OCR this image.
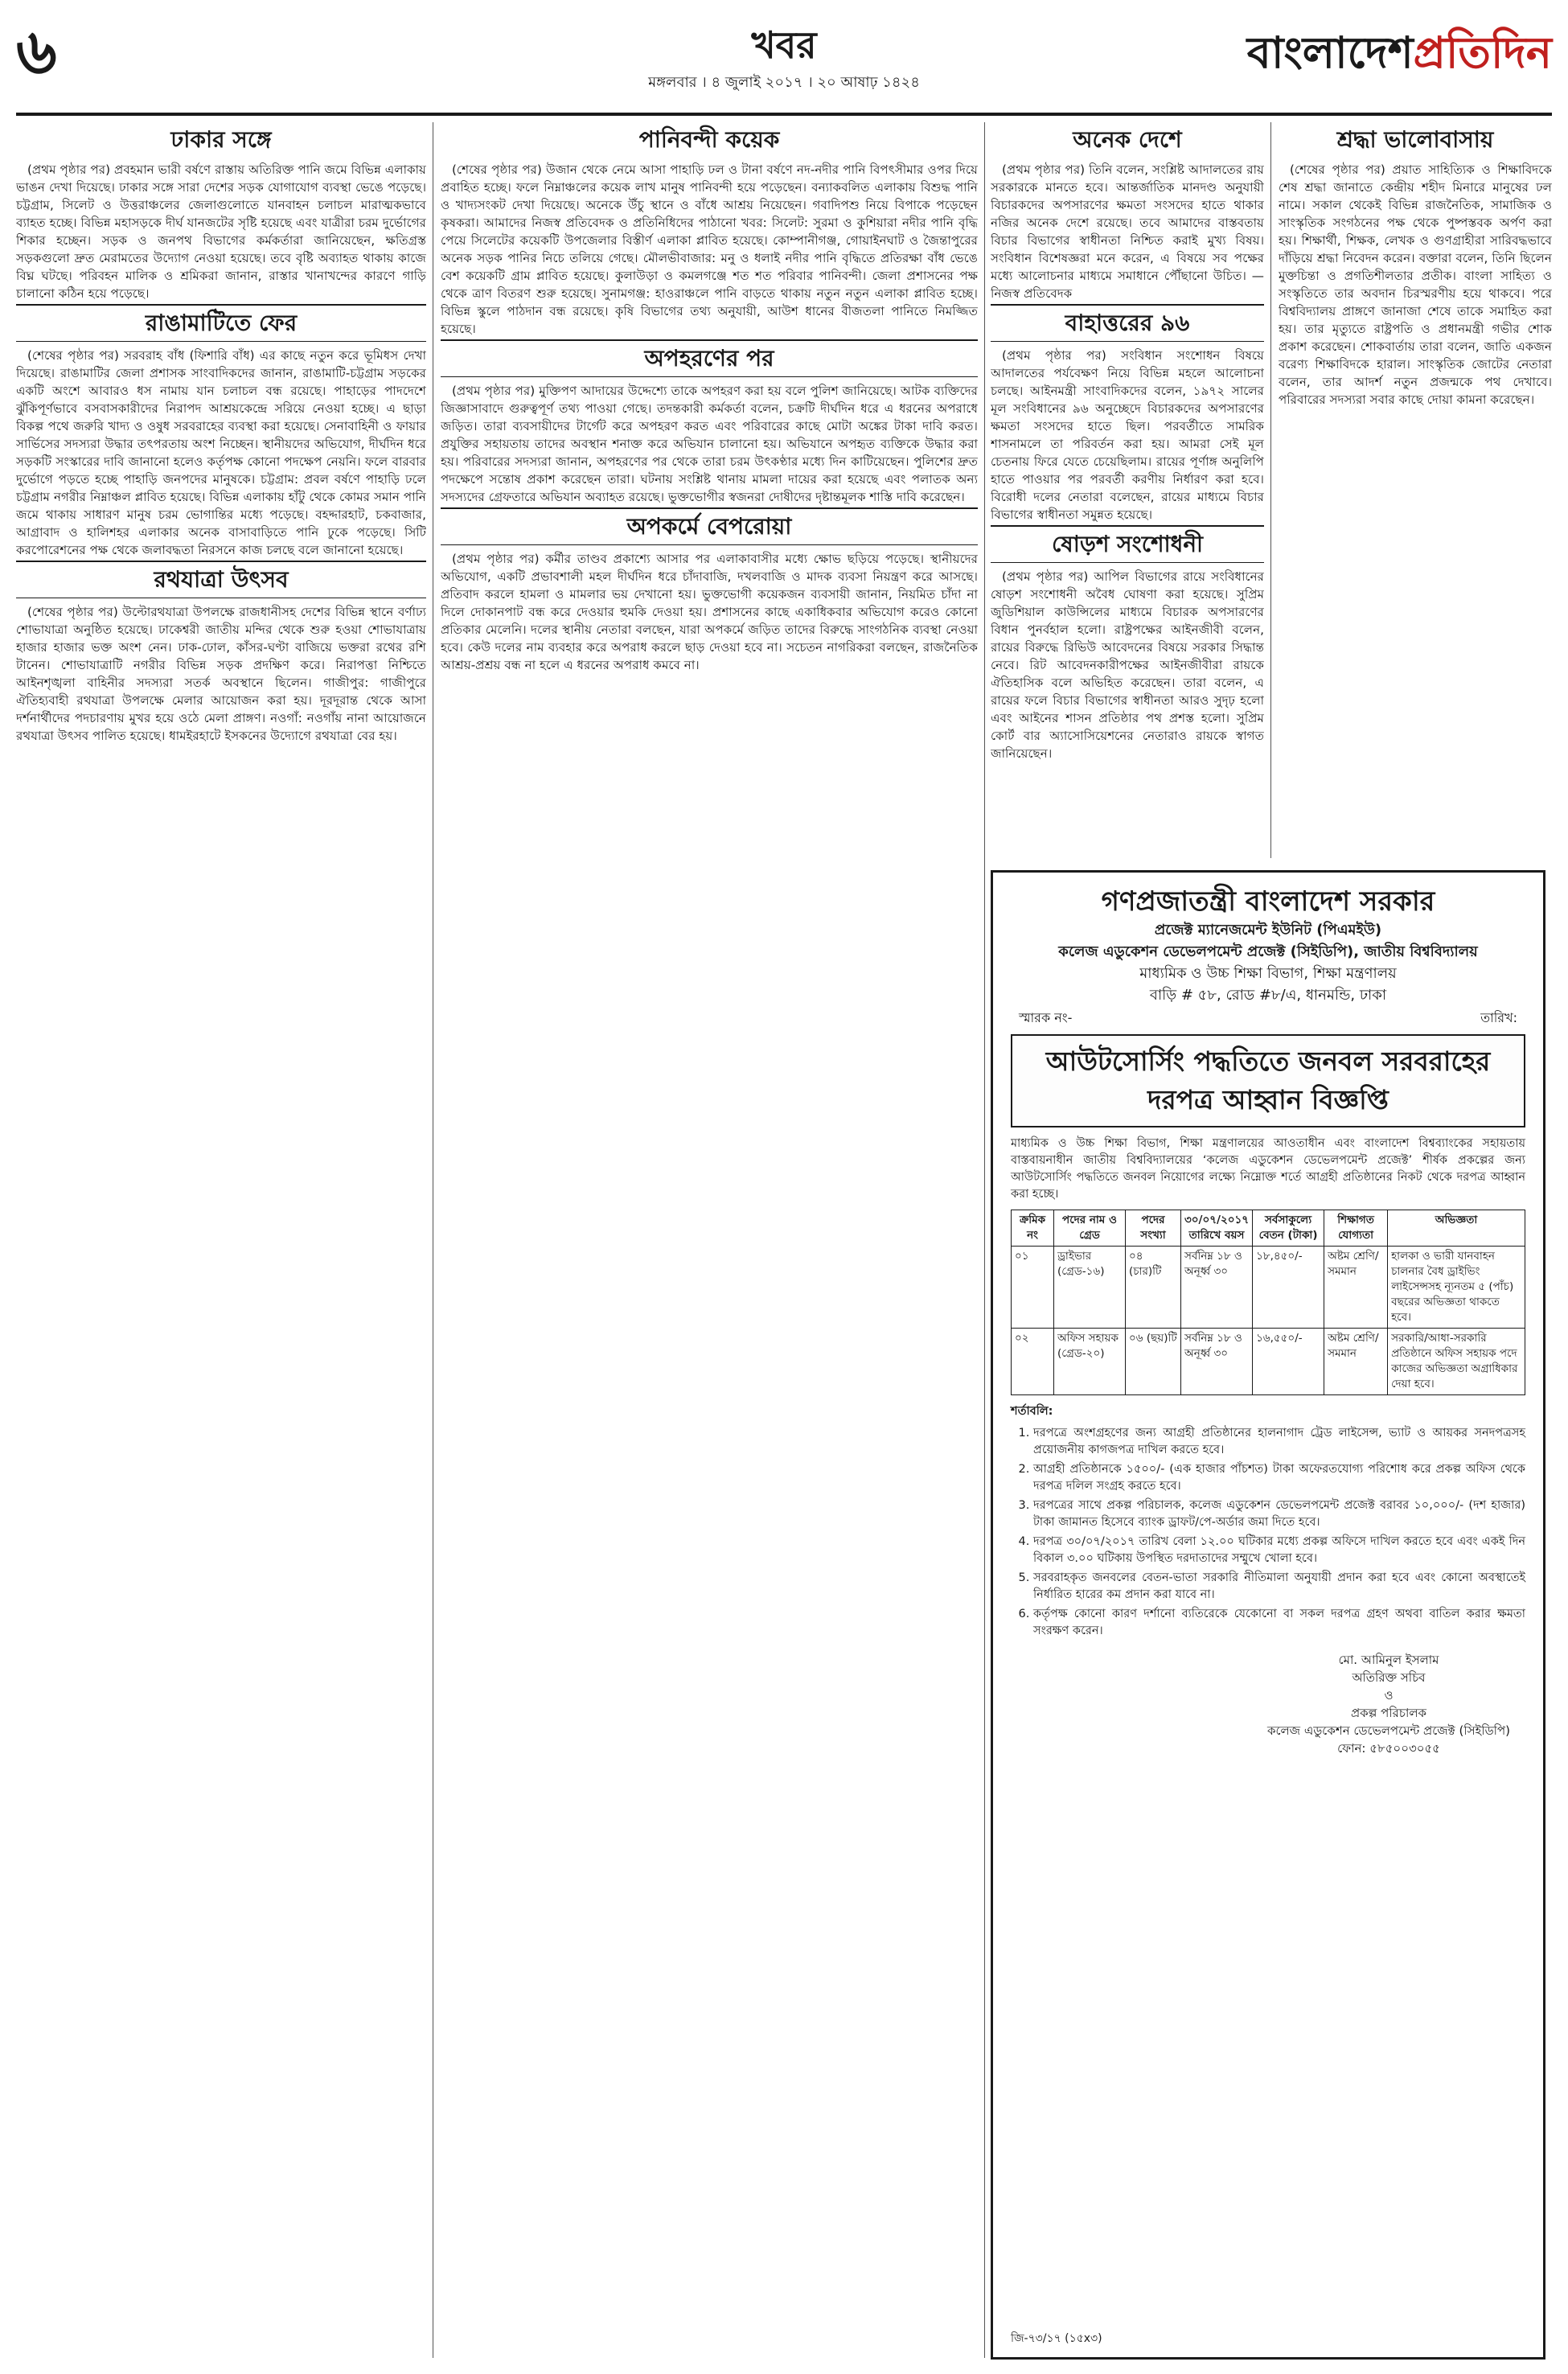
৬	খবর
মঙ্গলবার । ৪ জুলাই ২০১৭ । ২০ আষাঢ় ১৪২৪
বাংলাদেশপ্রতিদিন
ঢাকার সঙ্গে

(প্রথম পৃষ্ঠার পর) প্রবহমান ভারী বর্ষণে রাস্তায় অতিরিক্ত পানি জমে বিভিন্ন এলাকায় ভাঙন দেখা দিয়েছে। ঢাকার সঙ্গে সারা দেশের সড়ক যোগাযোগ ব্যবস্থা ভেঙে পড়েছে। চট্টগ্রাম, সিলেট ও উত্তরাঞ্চলের জেলাগুলোতে যানবাহন চলাচল মারাত্মকভাবে ব্যাহত হচ্ছে। বিভিন্ন মহাসড়কে দীর্ঘ যানজটের সৃষ্টি হয়েছে এবং যাত্রীরা চরম দুর্ভোগের শিকার হচ্ছেন। সড়ক ও জনপথ বিভাগের কর্মকর্তারা জানিয়েছেন, ক্ষতিগ্রস্ত সড়কগুলো দ্রুত মেরামতের উদ্যোগ নেওয়া হয়েছে। তবে বৃষ্টি অব্যাহত থাকায় কাজে বিঘ্ন ঘটছে। পরিবহন মালিক ও শ্রমিকরা জানান, রাস্তার খানাখন্দের কারণে গাড়ি চালানো কঠিন হয়ে পড়েছে।

রাঙামাটিতে ফের

(শেষের পৃষ্ঠার পর) সরবরাহ বাঁধ (ফিশারি বাঁধ) এর কাছে নতুন করে ভূমিধস দেখা দিয়েছে। রাঙামাটির জেলা প্রশাসক সাংবাদিকদের জানান, রাঙামাটি-চট্টগ্রাম সড়কের একটি অংশে আবারও ধস নামায় যান চলাচল বন্ধ রয়েছে। পাহাড়ের পাদদেশে ঝুঁকিপূর্ণভাবে বসবাসকারীদের নিরাপদ আশ্রয়কেন্দ্রে সরিয়ে নেওয়া হচ্ছে। এ ছাড়া বিকল্প পথে জরুরি খাদ্য ও ওষুধ সরবরাহের ব্যবস্থা করা হয়েছে। সেনাবাহিনী ও ফায়ার সার্ভিসের সদস্যরা উদ্ধার তৎপরতায় অংশ নিচ্ছেন। স্থানীয়দের অভিযোগ, দীর্ঘদিন ধরে সড়কটি সংস্কারের দাবি জানানো হলেও কর্তৃপক্ষ কোনো পদক্ষেপ নেয়নি। ফলে বারবার দুর্ভোগে পড়তে হচ্ছে পাহাড়ি জনপদের মানুষকে। চট্টগ্রাম: প্রবল বর্ষণে পাহাড়ি ঢলে চট্টগ্রাম নগরীর নিম্নাঞ্চল প্লাবিত হয়েছে। বিভিন্ন এলাকায় হাঁটু থেকে কোমর সমান পানি জমে থাকায় সাধারণ মানুষ চরম ভোগান্তির মধ্যে পড়েছে। বহদ্দারহাট, চকবাজার, আগ্রাবাদ ও হালিশহর এলাকার অনেক বাসাবাড়িতে পানি ঢুকে পড়েছে। সিটি করপোরেশনের পক্ষ থেকে জলাবদ্ধতা নিরসনে কাজ চলছে বলে জানানো হয়েছে।

রথযাত্রা উৎসব

(শেষের পৃষ্ঠার পর) উল্টোরথযাত্রা উপলক্ষে রাজধানীসহ দেশের বিভিন্ন স্থানে বর্ণাঢ্য শোভাযাত্রা অনুষ্ঠিত হয়েছে। ঢাকেশ্বরী জাতীয় মন্দির থেকে শুরু হওয়া শোভাযাত্রায় হাজার হাজার ভক্ত অংশ নেন। ঢাক-ঢোল, কাঁসর-ঘণ্টা বাজিয়ে ভক্তরা রথের রশি টানেন। শোভাযাত্রাটি নগরীর বিভিন্ন সড়ক প্রদক্ষিণ করে। নিরাপত্তা নিশ্চিতে আইনশৃঙ্খলা বাহিনীর সদস্যরা সতর্ক অবস্থানে ছিলেন। গাজীপুর: গাজীপুরে ঐতিহ্যবাহী রথযাত্রা উপলক্ষে মেলার আয়োজন করা হয়। দূরদূরান্ত থেকে আসা দর্শনার্থীদের পদচারণায় মুখর হয়ে ওঠে মেলা প্রাঙ্গণ। নওগাঁ: নওগাঁয় নানা আয়োজনে রথযাত্রা উৎসব পালিত হয়েছে। ধামইরহাটে ইসকনের উদ্যোগে রথযাত্রা বের হয়।

পানিবন্দী কয়েক

(শেষের পৃষ্ঠার পর) উজান থেকে নেমে আসা পাহাড়ি ঢল ও টানা বর্ষণে নদ-নদীর পানি বিপৎসীমার ওপর দিয়ে প্রবাহিত হচ্ছে। ফলে নিম্নাঞ্চলের কয়েক লাখ মানুষ পানিবন্দী হয়ে পড়েছেন। বন্যাকবলিত এলাকায় বিশুদ্ধ পানি ও খাদ্যসংকট দেখা দিয়েছে। অনেকে উঁচু স্থানে ও বাঁধে আশ্রয় নিয়েছেন। গবাদিপশু নিয়ে বিপাকে পড়েছেন কৃষকরা। আমাদের নিজস্ব প্রতিবেদক ও প্রতিনিধিদের পাঠানো খবর: সিলেট: সুরমা ও কুশিয়ারা নদীর পানি বৃদ্ধি পেয়ে সিলেটের কয়েকটি উপজেলার বিস্তীর্ণ এলাকা প্লাবিত হয়েছে। কোম্পানীগঞ্জ, গোয়াইনঘাট ও জৈন্তাপুরের অনেক সড়ক পানির নিচে তলিয়ে গেছে। মৌলভীবাজার: মনু ও ধলাই নদীর পানি বৃদ্ধিতে প্রতিরক্ষা বাঁধ ভেঙে বেশ কয়েকটি গ্রাম প্লাবিত হয়েছে। কুলাউড়া ও কমলগঞ্জে শত শত পরিবার পানিবন্দী। জেলা প্রশাসনের পক্ষ থেকে ত্রাণ বিতরণ শুরু হয়েছে। সুনামগঞ্জ: হাওরাঞ্চলে পানি বাড়তে থাকায় নতুন নতুন এলাকা প্লাবিত হচ্ছে। বিভিন্ন স্কুলে পাঠদান বন্ধ রয়েছে। কৃষি বিভাগের তথ্য অনুযায়ী, আউশ ধানের বীজতলা পানিতে নিমজ্জিত হয়েছে।

অপহরণের পর

(প্রথম পৃষ্ঠার পর) মুক্তিপণ আদায়ের উদ্দেশ্যে তাকে অপহরণ করা হয় বলে পুলিশ জানিয়েছে। আটক ব্যক্তিদের জিজ্ঞাসাবাদে গুরুত্বপূর্ণ তথ্য পাওয়া গেছে। তদন্তকারী কর্মকর্তা বলেন, চক্রটি দীর্ঘদিন ধরে এ ধরনের অপরাধে জড়িত। তারা ব্যবসায়ীদের টার্গেট করে অপহরণ করত এবং পরিবারের কাছে মোটা অঙ্কের টাকা দাবি করত। প্রযুক্তির সহায়তায় তাদের অবস্থান শনাক্ত করে অভিযান চালানো হয়। অভিযানে অপহৃত ব্যক্তিকে উদ্ধার করা হয়। পরিবারের সদস্যরা জানান, অপহরণের পর থেকে তারা চরম উৎকণ্ঠার মধ্যে দিন কাটিয়েছেন। পুলিশের দ্রুত পদক্ষেপে সন্তোষ প্রকাশ করেছেন তারা। ঘটনায় সংশ্লিষ্ট থানায় মামলা দায়ের করা হয়েছে এবং পলাতক অন্য সদস্যদের গ্রেফতারে অভিযান অব্যাহত রয়েছে। ভুক্তভোগীর স্বজনরা দোষীদের দৃষ্টান্তমূলক শাস্তি দাবি করেছেন।

অপকর্মে বেপরোয়া

(প্রথম পৃষ্ঠার পর) কর্মীর তাণ্ডব প্রকাশ্যে আসার পর এলাকাবাসীর মধ্যে ক্ষোভ ছড়িয়ে পড়েছে। স্থানীয়দের অভিযোগ, একটি প্রভাবশালী মহল দীর্ঘদিন ধরে চাঁদাবাজি, দখলবাজি ও মাদক ব্যবসা নিয়ন্ত্রণ করে আসছে। প্রতিবাদ করলে হামলা ও মামলার ভয় দেখানো হয়। ভুক্তভোগী কয়েকজন ব্যবসায়ী জানান, নিয়মিত চাঁদা না দিলে দোকানপাট বন্ধ করে দেওয়ার হুমকি দেওয়া হয়। প্রশাসনের কাছে একাধিকবার অভিযোগ করেও কোনো প্রতিকার মেলেনি। দলের স্থানীয় নেতারা বলছেন, যারা অপকর্মে জড়িত তাদের বিরুদ্ধে সাংগঠনিক ব্যবস্থা নেওয়া হবে। কেউ দলের নাম ব্যবহার করে অপরাধ করলে ছাড় দেওয়া হবে না। সচেতন নাগরিকরা বলছেন, রাজনৈতিক আশ্রয়-প্রশ্রয় বন্ধ না হলে এ ধরনের অপরাধ কমবে না।

অনেক দেশে

(প্রথম পৃষ্ঠার পর) তিনি বলেন, সংশ্লিষ্ট আদালতের রায় সরকারকে মানতে হবে। আন্তর্জাতিক মানদণ্ড অনুযায়ী বিচারকদের অপসারণের ক্ষমতা সংসদের হাতে থাকার নজির অনেক দেশে রয়েছে। তবে আমাদের বাস্তবতায় বিচার বিভাগের স্বাধীনতা নিশ্চিত করাই মুখ্য বিষয়। সংবিধান বিশেষজ্ঞরা মনে করেন, এ বিষয়ে সব পক্ষের মধ্যে আলোচনার মাধ্যমে সমাধানে পৌঁছানো উচিত। —নিজস্ব প্রতিবেদক

বাহাত্তরের ৯৬

(প্রথম পৃষ্ঠার পর) সংবিধান সংশোধন বিষয়ে আদালতের পর্যবেক্ষণ নিয়ে বিভিন্ন মহলে আলোচনা চলছে। আইনমন্ত্রী সাংবাদিকদের বলেন, ১৯৭২ সালের মূল সংবিধানের ৯৬ অনুচ্ছেদে বিচারকদের অপসারণের ক্ষমতা সংসদের হাতে ছিল। পরবর্তীতে সামরিক শাসনামলে তা পরিবর্তন করা হয়। আমরা সেই মূল চেতনায় ফিরে যেতে চেয়েছিলাম। রায়ের পূর্ণাঙ্গ অনুলিপি হাতে পাওয়ার পর পরবর্তী করণীয় নির্ধারণ করা হবে। বিরোধী দলের নেতারা বলেছেন, রায়ের মাধ্যমে বিচার বিভাগের স্বাধীনতা সমুন্নত হয়েছে।

ষোড়শ সংশোধনী

(প্রথম পৃষ্ঠার পর) আপিল বিভাগের রায়ে সংবিধানের ষোড়শ সংশোধনী অবৈধ ঘোষণা করা হয়েছে। সুপ্রিম জুডিশিয়াল কাউন্সিলের মাধ্যমে বিচারক অপসারণের বিধান পুনর্বহাল হলো। রাষ্ট্রপক্ষের আইনজীবী বলেন, রায়ের বিরুদ্ধে রিভিউ আবেদনের বিষয়ে সরকার সিদ্ধান্ত নেবে। রিট আবেদনকারীপক্ষের আইনজীবীরা রায়কে ঐতিহাসিক বলে অভিহিত করেছেন। তারা বলেন, এ রায়ের ফলে বিচার বিভাগের স্বাধীনতা আরও সুদৃঢ় হলো এবং আইনের শাসন প্রতিষ্ঠার পথ প্রশস্ত হলো। সুপ্রিম কোর্ট বার অ্যাসোসিয়েশনের নেতারাও রায়কে স্বাগত জানিয়েছেন।

শ্রদ্ধা ভালোবাসায়

(শেষের পৃষ্ঠার পর) প্রয়াত সাহিত্যিক ও শিক্ষাবিদকে শেষ শ্রদ্ধা জানাতে কেন্দ্রীয় শহীদ মিনারে মানুষের ঢল নামে। সকাল থেকেই বিভিন্ন রাজনৈতিক, সামাজিক ও সাংস্কৃতিক সংগঠনের পক্ষ থেকে পুষ্পস্তবক অর্পণ করা হয়। শিক্ষার্থী, শিক্ষক, লেখক ও গুণগ্রাহীরা সারিবদ্ধভাবে দাঁড়িয়ে শ্রদ্ধা নিবেদন করেন। বক্তারা বলেন, তিনি ছিলেন মুক্তচিন্তা ও প্রগতিশীলতার প্রতীক। বাংলা সাহিত্য ও সংস্কৃতিতে তার অবদান চিরস্মরণীয় হয়ে থাকবে। পরে বিশ্ববিদ্যালয় প্রাঙ্গণে জানাজা শেষে তাকে সমাহিত করা হয়। তার মৃত্যুতে রাষ্ট্রপতি ও প্রধানমন্ত্রী গভীর শোক প্রকাশ করেছেন। শোকবার্তায় তারা বলেন, জাতি একজন বরেণ্য শিক্ষাবিদকে হারাল। সাংস্কৃতিক জোটের নেতারা বলেন, তার আদর্শ নতুন প্রজন্মকে পথ দেখাবে। পরিবারের সদস্যরা সবার কাছে দোয়া কামনা করেছেন।

গণপ্রজাতন্ত্রী বাংলাদেশ সরকার
প্রজেক্ট ম্যানেজমেন্ট ইউনিট (পিএমইউ)
কলেজ এডুকেশন ডেভেলপমেন্ট প্রজেক্ট (সিইডিপি), জাতীয় বিশ্ববিদ্যালয়
মাধ্যমিক ও উচ্চ শিক্ষা বিভাগ, শিক্ষা মন্ত্রণালয়
বাড়ি # ৫৮, রোড #৮/এ, ধানমন্ডি, ঢাকা
স্মারক নং-	তারিখ:
আউটসোর্সিং পদ্ধতিতে জনবল সরবরাহের
দরপত্র আহ্বান বিজ্ঞপ্তি
মাধ্যমিক ও উচ্চ শিক্ষা বিভাগ, শিক্ষা মন্ত্রণালয়ের আওতাধীন এবং বাংলাদেশ বিশ্বব্যাংকের সহায়তায় বাস্তবায়নাধীন জাতীয় বিশ্ববিদ্যালয়ের ‘কলেজ এডুকেশন ডেভেলপমেন্ট প্রজেক্ট’ শীর্ষক প্রকল্পের জন্য আউটসোর্সিং পদ্ধতিতে জনবল নিয়োগের লক্ষ্যে নিম্নোক্ত শর্তে আগ্রহী প্রতিষ্ঠানের নিকট থেকে দরপত্র আহ্বান করা হচ্ছে।
ক্রমিক নং	পদের নাম ও গ্রেড	পদের সংখ্যা	৩০/০৭/২০১৭ তারিখে বয়স	সর্বসাকুল্যে বেতন (টাকা)	শিক্ষাগত যোগ্যতা	অভিজ্ঞতা
০১	ড্রাইভার (গ্রেড-১৬)	০৪ (চার)টি	সর্বনিম্ন ১৮ ও অনূর্ধ্ব ৩০	১৮,৪৫০/-	অষ্টম শ্রেণি/সমমান	হালকা ও ভারী যানবাহন চালনার বৈধ ড্রাইভিং লাইসেন্সসহ ন্যূনতম ৫ (পাঁচ) বছরের অভিজ্ঞতা থাকতে হবে।
০২	অফিস সহায়ক (গ্রেড-২০)	০৬ (ছয়)টি	সর্বনিম্ন ১৮ ও অনূর্ধ্ব ৩০	১৬,৫৫০/-	অষ্টম শ্রেণি/সমমান	সরকারি/আধা-সরকারি প্রতিষ্ঠানে অফিস সহায়ক পদে কাজের অভিজ্ঞতা অগ্রাধিকার দেয়া হবে।
শর্তাবলি:
1. দরপত্রে অংশগ্রহণের জন্য আগ্রহী প্রতিষ্ঠানের হালনাগাদ ট্রেড লাইসেন্স, ভ্যাট ও আয়কর সনদপত্রসহ প্রয়োজনীয় কাগজপত্র দাখিল করতে হবে।
2. আগ্রহী প্রতিষ্ঠানকে ১৫০০/- (এক হাজার পাঁচশত) টাকা অফেরতযোগ্য পরিশোধ করে প্রকল্প অফিস থেকে দরপত্র দলিল সংগ্রহ করতে হবে।
3. দরপত্রের সাথে প্রকল্প পরিচালক, কলেজ এডুকেশন ডেভেলপমেন্ট প্রজেক্ট বরাবর ১০,০০০/- (দশ হাজার) টাকা জামানত হিসেবে ব্যাংক ড্রাফট/পে-অর্ডার জমা দিতে হবে।
4. দরপত্র ৩০/০৭/২০১৭ তারিখ বেলা ১২.০০ ঘটিকার মধ্যে প্রকল্প অফিসে দাখিল করতে হবে এবং একই দিন বিকাল ৩.০০ ঘটিকায় উপস্থিত দরদাতাদের সম্মুখে খোলা হবে।
5. সরবরাহকৃত জনবলের বেতন-ভাতা সরকারি নীতিমালা অনুযায়ী প্রদান করা হবে এবং কোনো অবস্থাতেই নির্ধারিত হারের কম প্রদান করা যাবে না।
6. কর্তৃপক্ষ কোনো কারণ দর্শানো ব্যতিরেকে যেকোনো বা সকল দরপত্র গ্রহণ অথবা বাতিল করার ক্ষমতা সংরক্ষণ করেন।
মো. আমিনুল ইসলাম
অতিরিক্ত সচিব
ও
প্রকল্প পরিচালক
কলেজ এডুকেশন ডেভেলপমেন্ট প্রজেক্ট (সিইডিপি)
ফোন: ৫৮৫০০৩০৫৫
জি-৭৩/১৭ (১৫x৩)
